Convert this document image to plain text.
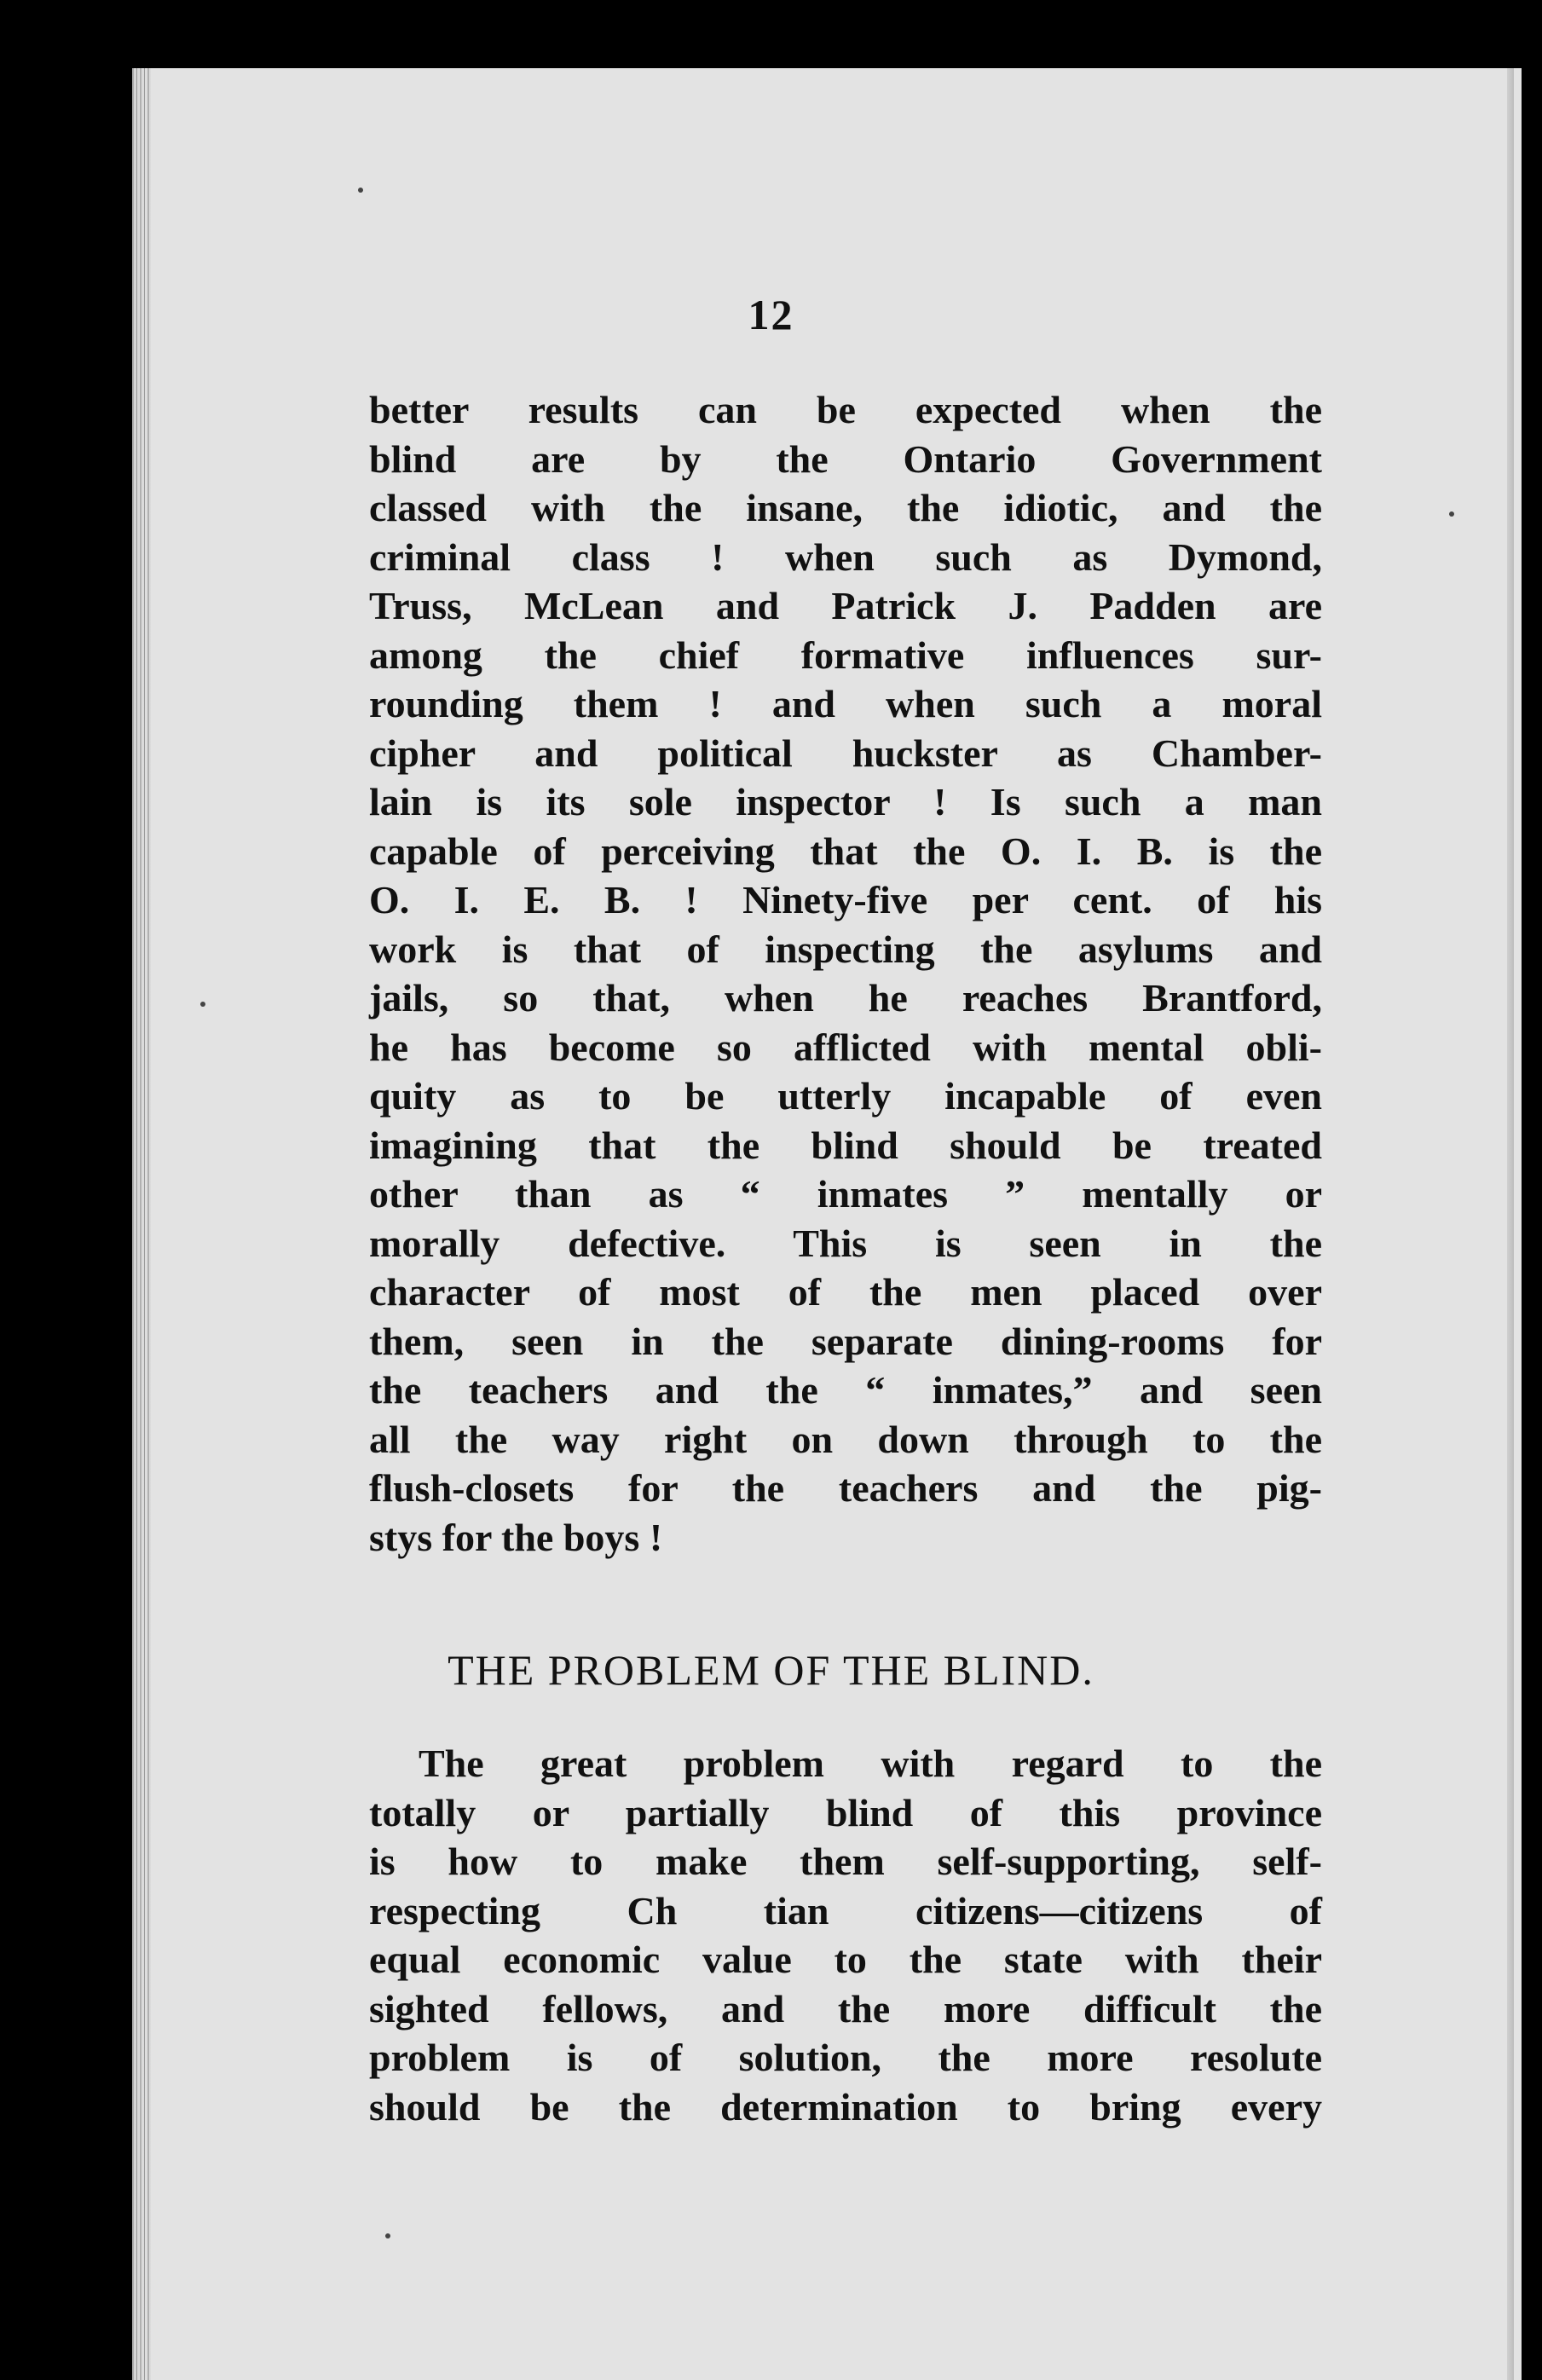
12
better results can be expected when the
blind are by the Ontario Government
classed with the insane, the idiotic, and the
criminal class ! when such as Dymond,
Truss, McLean and Patrick J. Padden are
among the chief formative influences sur-
rounding them ! and when such a moral
cipher and political huckster as Chamber-
lain is its sole inspector ! Is such a man
capable of perceiving that the O. I. B. is the
O. I. E. B. ! Ninety-five per cent. of his
work is that of inspecting the asylums and
jails, so that, when he reaches Brantford,
he has become so afflicted with mental obli-
quity as to be utterly incapable of even
imagining that the blind should be treated
other than as “ inmates ” mentally or
morally defective. This is seen in the
character of most of the men placed over
them, seen in the separate dining-rooms for
the teachers and the “ inmates,” and seen
all the way right on down through to the
flush-closets for the teachers and the pig-
stys for the boys !
THE PROBLEM OF THE BLIND.
The great problem with regard to the
totally or partially blind of this province
is how to make them self-supporting, self-
respecting Ch tian citizens—citizens of
equal economic value to the state with their
sighted fellows, and the more difficult the
problem is of solution, the more resolute
should be the determination to bring every
